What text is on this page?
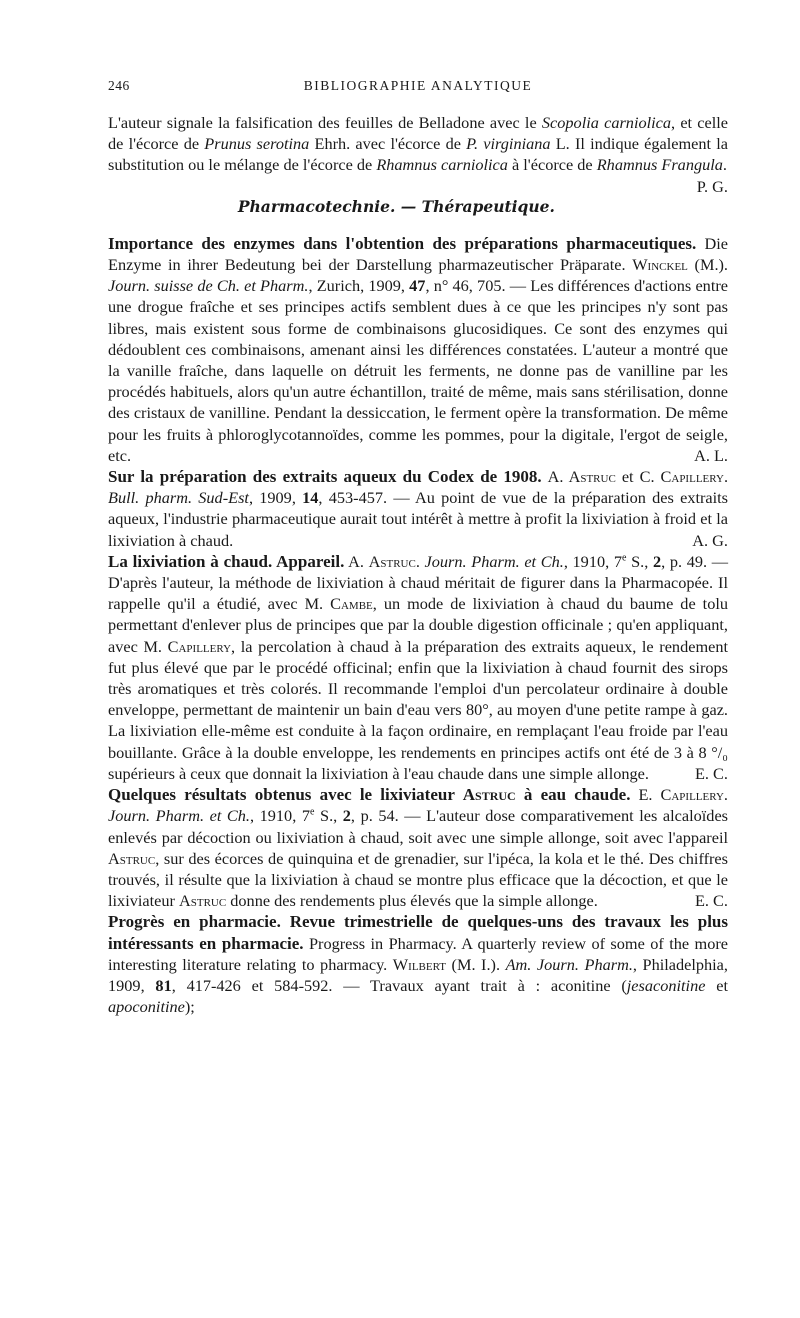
246	BIBLIOGRAPHIE ANALYTIQUE

L'auteur signale la falsification des feuilles de Belladone avec le Scopolia carniolica, et celle de l'écorce de Prunus serotina Ehrh. avec l'écorce de P. virginiana L. Il indique également la substitution ou le mélange de l'écorce de Rhamnus carniolica à l'écorce de Rhamnus Frangula.
P. G.

Pharmacotechnie. — Thérapeutique.

Importance des enzymes dans l'obtention des préparations pharmaceutiques. Die Enzyme in ihrer Bedeutung bei der Darstellung pharmazeutischer Präparate. Winckel (M.). Journ. suisse de Ch. et Pharm., Zurich, 1909, 47, n° 46, 705. — Les différences d'actions entre une drogue fraîche et ses principes actifs semblent dues à ce que les principes n'y sont pas libres, mais existent sous forme de combinaisons glucosidiques. Ce sont des enzymes qui dédoublent ces combinaisons, amenant ainsi les différences constatées. L'auteur a montré que la vanille fraîche, dans laquelle on détruit les ferments, ne donne pas de vanilline par les procédés habituels, alors qu'un autre échantillon, traité de même, mais sans stérilisation, donne des cristaux de vanilline. Pendant la dessiccation, le ferment opère la transformation. De même pour les fruits à phloroglycotannoïdes, comme les pommes, pour la digitale, l'ergot de seigle, etc.	A. L.

Sur la préparation des extraits aqueux du Codex de 1908. A. Astruc et C. Capillery. Bull. pharm. Sud-Est, 1909, 14, 453-457. — Au point de vue de la préparation des extraits aqueux, l'industrie pharmaceutique aurait tout intérêt à mettre à profit la lixiviation à froid et la lixiviation à chaud.	A. G.

La lixiviation à chaud. Appareil. A. Astruc. Journ. Pharm. et Ch., 1910, 7e S., 2, p. 49. — D'après l'auteur, la méthode de lixiviation à chaud méritait de figurer dans la Pharmacopée. Il rappelle qu'il a étudié, avec M. Cambe, un mode de lixiviation à chaud du baume de tolu permettant d'enlever plus de principes que par la double digestion officinale ; qu'en appliquant, avec M. Capillery, la percolation à chaud à la préparation des extraits aqueux, le rendement fut plus élevé que par le procédé officinal; enfin que la lixiviation à chaud fournit des sirops très aromatiques et très colorés. Il recommande l'emploi d'un percolateur ordinaire à double enveloppe, permettant de maintenir un bain d'eau vers 80°, au moyen d'une petite rampe à gaz. La lixiviation elle-même est conduite à la façon ordinaire, en remplaçant l'eau froide par l'eau bouillante. Grâce à la double enveloppe, les rendements en principes actifs ont été de 3 à 8 °/₀ supérieurs à ceux que donnait la lixiviation à l'eau chaude dans une simple allonge.	E. C.

Quelques résultats obtenus avec le lixiviateur Astruc à eau chaude. E. Capillery. Journ. Pharm. et Ch., 1910, 7e S., 2, p. 54. — L'auteur dose comparativement les alcaloïdes enlevés par décoction ou lixiviation à chaud, soit avec une simple allonge, soit avec l'appareil Astruc, sur des écorces de quinquina et de grenadier, sur l'ipéca, la kola et le thé. Des chiffres trouvés, il résulte que la lixiviation à chaud se montre plus efficace que la décoction, et que le lixiviateur Astruc donne des rendements plus élevés que la simple allonge.	E. C.

Progrès en pharmacie. Revue trimestrielle de quelques-uns des travaux les plus intéressants en pharmacie. Progress in Pharmacy. A quarterly review of some of the more interesting literature relating to pharmacy. Wilbert (M. I.). Am. Journ. Pharm., Philadelphia, 1909, 81, 417-426 et 584-592. — Travaux ayant trait à : aconitine (jesaconitine et apoconitine);
